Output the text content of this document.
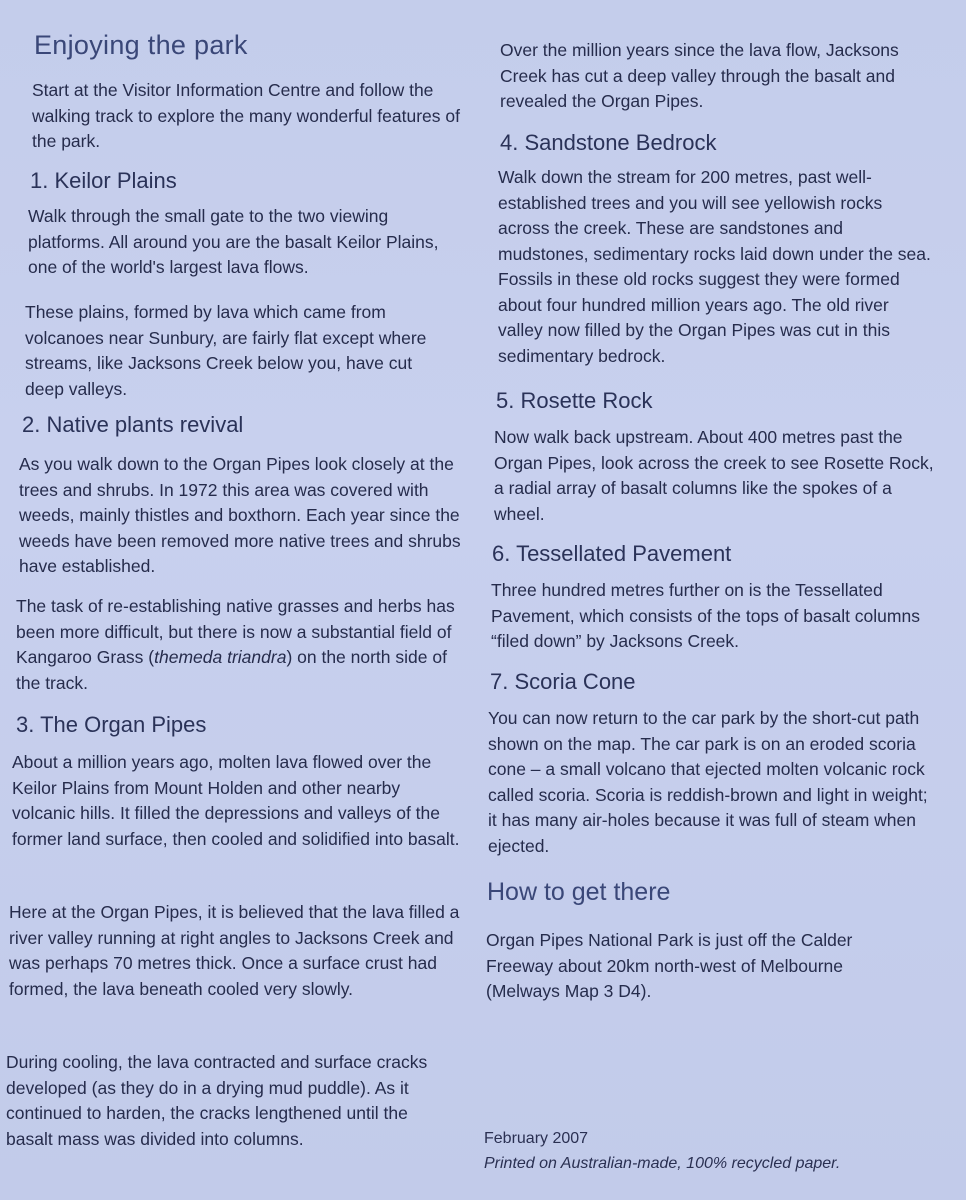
Enjoying the park

Start at the Visitor Information Centre and follow the walking track to explore the many wonderful features of the park.

1. Keilor Plains

Walk through the small gate to the two viewing platforms. All around you are the basalt Keilor Plains, one of the world's largest lava flows.

These plains, formed by lava which came from volcanoes near Sunbury, are fairly flat except where streams, like Jacksons Creek below you, have cut deep valleys.

2. Native plants revival

As you walk down to the Organ Pipes look closely at the trees and shrubs. In 1972 this area was covered with weeds, mainly thistles and boxthorn. Each year since the weeds have been removed more native trees and shrubs have established.

The task of re-establishing native grasses and herbs has been more difficult, but there is now a substantial field of Kangaroo Grass (themeda triandra) on the north side of the track.

3. The Organ Pipes

About a million years ago, molten lava flowed over the Keilor Plains from Mount Holden and other nearby volcanic hills. It filled the depressions and valleys of the former land surface, then cooled and solidified into basalt.

Here at the Organ Pipes, it is believed that the lava filled a river valley running at right angles to Jacksons Creek and was perhaps 70 metres thick. Once a surface crust had formed, the lava beneath cooled very slowly.

During cooling, the lava contracted and surface cracks developed (as they do in a drying mud puddle). As it continued to harden, the cracks lengthened until the basalt mass was divided into columns.

Over the million years since the lava flow, Jacksons Creek has cut a deep valley through the basalt and revealed the Organ Pipes.

4. Sandstone Bedrock

Walk down the stream for 200 metres, past well-established trees and you will see yellowish rocks across the creek. These are sandstones and mudstones, sedimentary rocks laid down under the sea. Fossils in these old rocks suggest they were formed about four hundred million years ago. The old river valley now filled by the Organ Pipes was cut in this sedimentary bedrock.

5. Rosette Rock

Now walk back upstream. About 400 metres past the Organ Pipes, look across the creek to see Rosette Rock, a radial array of basalt columns like the spokes of a wheel.

6. Tessellated Pavement

Three hundred metres further on is the Tessellated Pavement, which consists of the tops of basalt columns “filed down” by Jacksons Creek.

7. Scoria Cone

You can now return to the car park by the short-cut path shown on the map. The car park is on an eroded scoria cone – a small volcano that ejected molten volcanic rock called scoria. Scoria is reddish-brown and light in weight; it has many air-holes because it was full of steam when ejected.

How to get there

Organ Pipes National Park is just off the Calder Freeway about 20km north-west of Melbourne (Melways Map 3 D4).

February 2007
Printed on Australian-made, 100% recycled paper.
